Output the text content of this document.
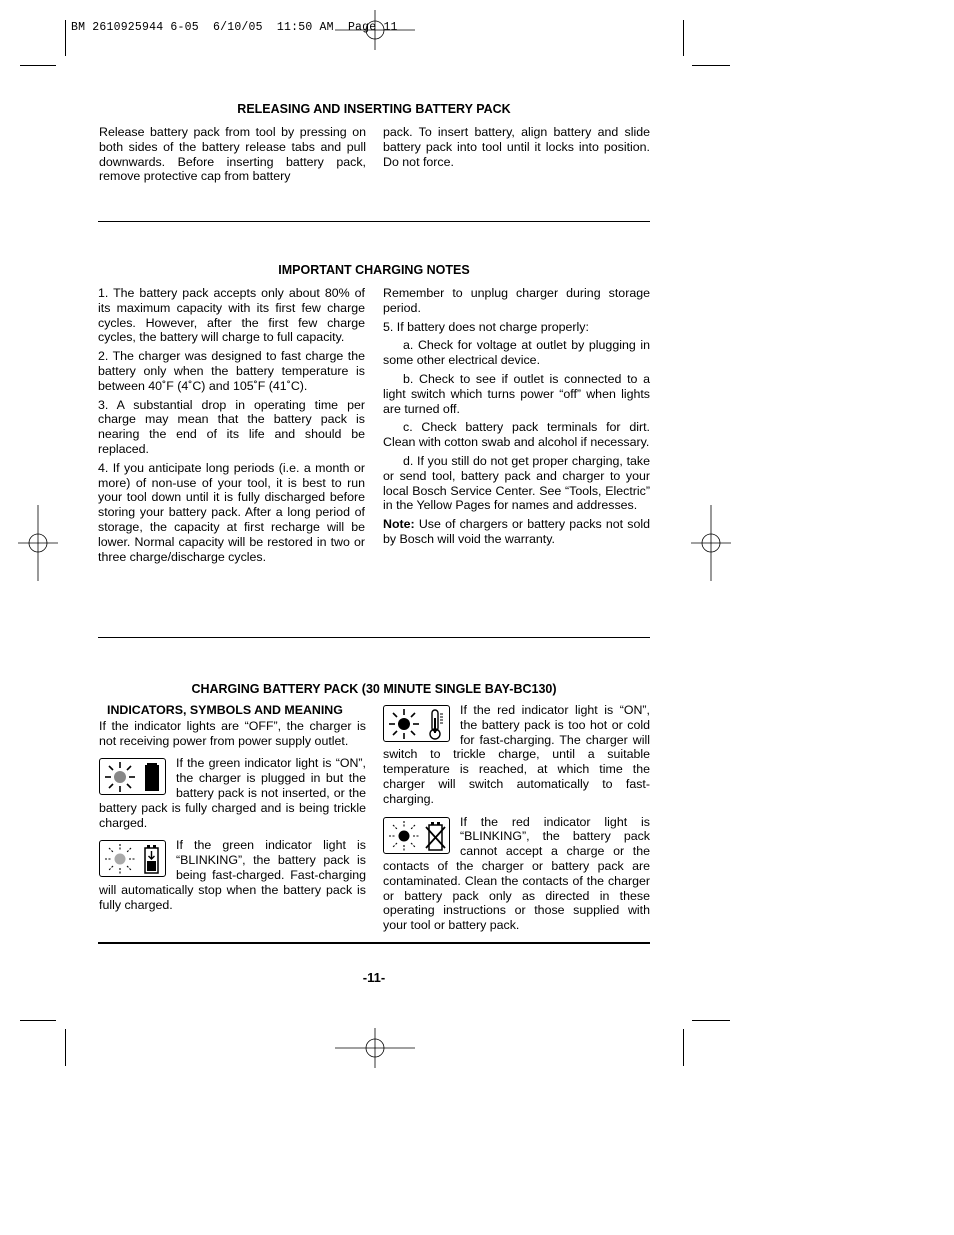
BM 2610925944 6-05  6/10/05  11:50 AM  Page 11
RELEASING AND INSERTING BATTERY PACK

Release battery pack from tool by pressing on both sides of the battery release tabs and pull downwards. Before inserting battery pack, remove protective cap from battery

pack. To insert battery, align battery and slide battery pack into tool until it locks into position. Do not force.

IMPORTANT CHARGING NOTES

1. The battery pack accepts only about 80% of its maximum capacity with its first few charge cycles. However, after the first few charge cycles, the battery will charge to full capacity.

2. The charger was designed to fast charge the battery only when the battery temperature is between 40˚F (4˚C) and 105˚F (41˚C).

3. A substantial drop in operating time per charge may mean that the battery pack is nearing the end of its life and should be replaced.

4. If you anticipate long periods (i.e. a month or more) of non-use of your tool, it is best to run your tool down until it is fully discharged before storing your battery pack. After a long period of storage, the capacity at first recharge will be lower. Normal capacity will be restored in two or three charge/discharge cycles.

Remember to unplug charger during storage period.

5. If battery does not charge properly:

a. Check for voltage at outlet by plugging in some other electrical device.

b. Check to see if outlet is connected to a light switch which turns power “off” when lights are turned off.

c. Check battery pack terminals for dirt. Clean with cotton swab and alcohol if necessary.

d. If you still do not get proper charging, take or send tool, battery pack and charger to your local Bosch Service Center. See “Tools, Electric” in the Yellow Pages for names and addresses.

Note: Use of chargers or battery packs not sold by Bosch will void the warranty.

CHARGING BATTERY PACK (30 MINUTE SINGLE BAY-BC130)
INDICATORS, SYMBOLS AND MEANING

If the indicator lights are “OFF”, the charger is not receiving power from power supply outlet.

If the green indicator light is “ON”, the charger is plugged in but the battery pack is not inserted, or the battery pack is fully charged and is being trickle charged.
If the green indicator light is “BLINKING”, the battery pack is being fast-charged. Fast-charging will automatically stop when the battery pack is fully charged.
If the red indicator light is “ON”, the battery pack is too hot or cold for fast-charging. The charger will switch to trickle charge, until a suitable temperature is reached, at which time the charger will switch automatically to fast-charging.
If the red indicator light is “BLINKING”, the battery pack cannot accept a charge or the contacts of the charger or battery pack are contaminated. Clean the contacts of the charger or battery pack only as directed in these operating instructions or those supplied with your tool or battery pack.
-11-
